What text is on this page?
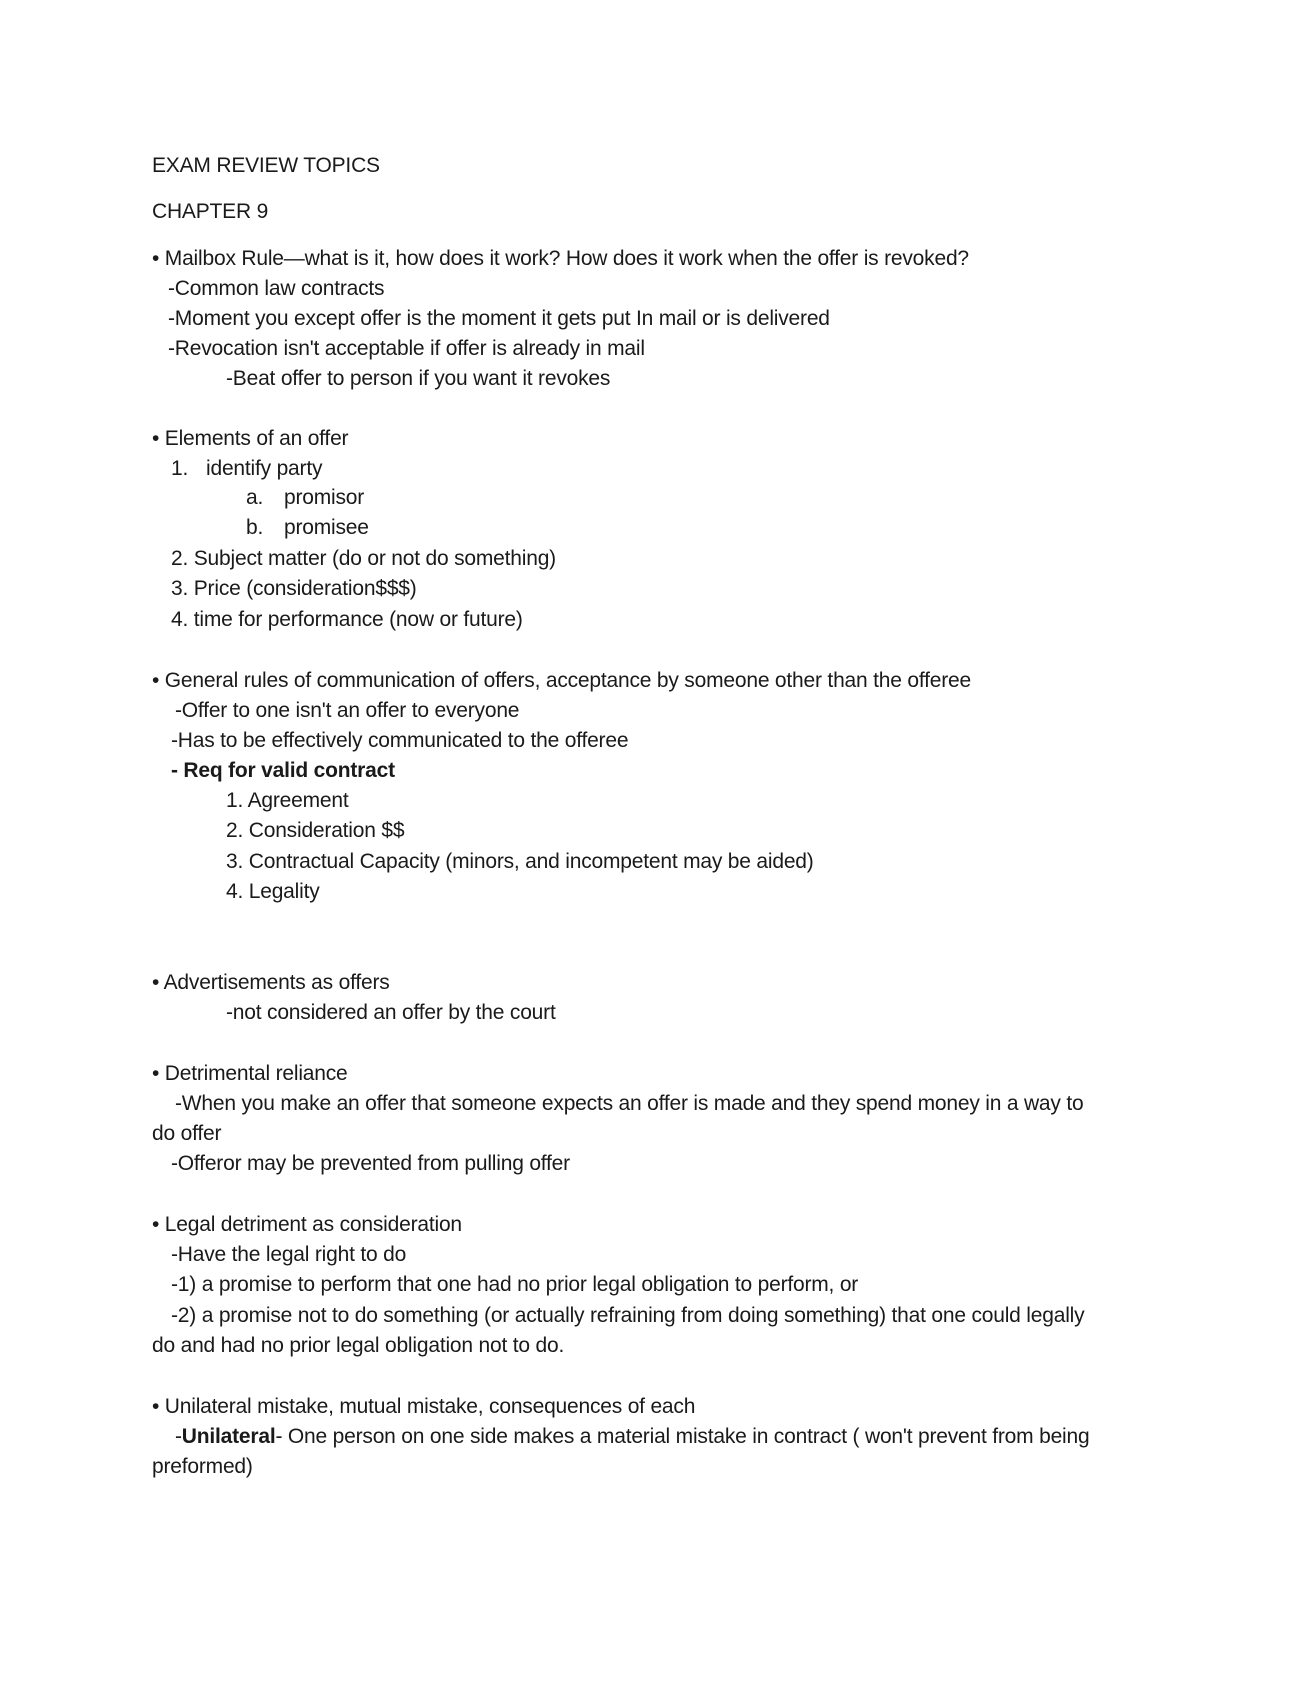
EXAM REVIEW TOPICS

CHAPTER 9

• Mailbox Rule—what is it, how does it work? How does it work when the offer is revoked?

-Common law contracts

-Moment you except offer is the moment it gets put In mail or is delivered

-Revocation isn't acceptable if offer is already in mail

-Beat offer to person if you want it revokes

• Elements of an offer

1. identify party

a. promisor

b. promisee

2. Subject matter (do or not do something)

3. Price (consideration$$$)

4. time for performance (now or future)

• General rules of communication of offers, acceptance by someone other than the offeree

-Offer to one isn't an offer to everyone

-Has to be effectively communicated to the offeree

- Req for valid contract

1. Agreement

2. Consideration $$

3. Contractual Capacity (minors, and incompetent may be aided)

4. Legality

• Advertisements as offers

-not considered an offer by the court

• Detrimental reliance

-When you make an offer that someone expects an offer is made and they spend money in a way to

do offer

-Offeror may be prevented from pulling offer

• Legal detriment as consideration

-Have the legal right to do

-1) a promise to perform that one had no prior legal obligation to perform, or

-2) a promise not to do something (or actually refraining from doing something) that one could legally

do and had no prior legal obligation not to do.

• Unilateral mistake, mutual mistake, consequences of each

-Unilateral- One person on one side makes a material mistake in contract ( won't prevent from being

preformed)
